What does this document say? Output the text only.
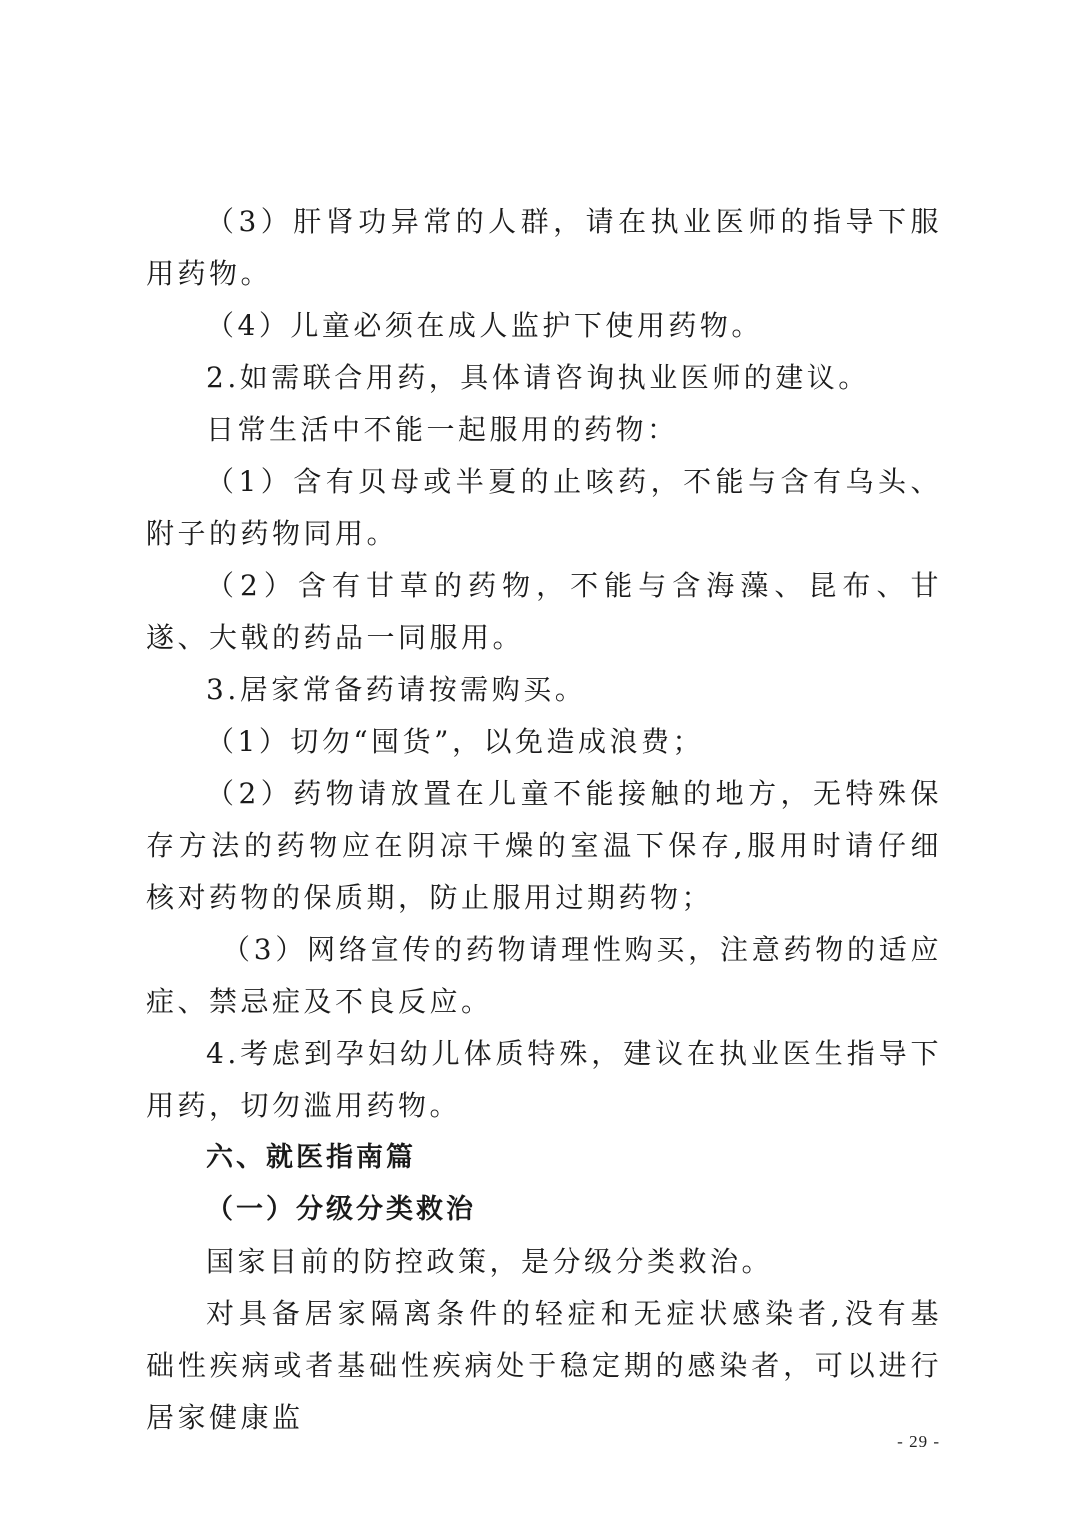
（3）肝肾功异常的人群，请在执业医师的指导下服用药物。

（4）儿童必须在成人监护下使用药物。

2.如需联合用药，具体请咨询执业医师的建议。

日常生活中不能一起服用的药物：

（1）含有贝母或半夏的止咳药，不能与含有乌头、附子的药物同用。

（2）含有甘草的药物，不能与含海藻、昆布、甘遂、大戟的药品一同服用。

3.居家常备药请按需购买。

（1）切勿“囤货”，以免造成浪费；

（2）药物请放置在儿童不能接触的地方，无特殊保存方法的药物应在阴凉干燥的室温下保存,服用时请仔细核对药物的保质期，防止服用过期药物；

（3）网络宣传的药物请理性购买，注意药物的适应症、禁忌症及不良反应。

4.考虑到孕妇幼儿体质特殊，建议在执业医生指导下用药，切勿滥用药物。

六、就医指南篇

（一）分级分类救治

国家目前的防控政策，是分级分类救治。

对具备居家隔离条件的轻症和无症状感染者,没有基础性疾病或者基础性疾病处于稳定期的感染者，可以进行居家健康监

- 29 -
